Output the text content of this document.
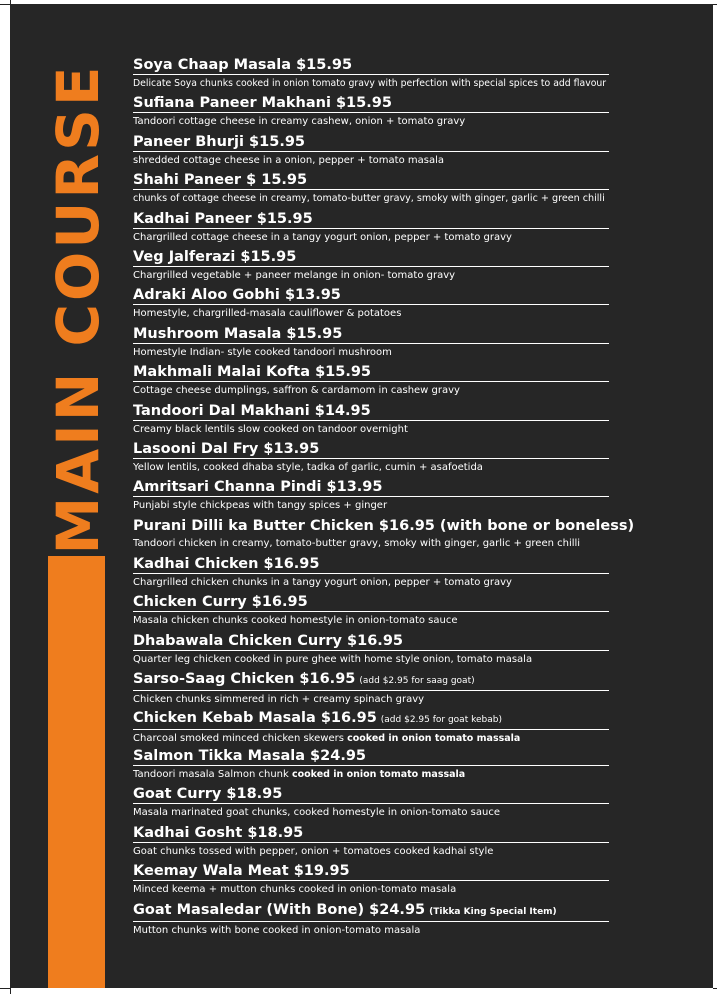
MAIN COURSE Soya Chaap Masala $15.95
Delicate Soya chunks cooked in onion tomato gravy with perfection with special spices to add flavour
Sufiana Paneer Makhani $15.95
Tandoori cottage cheese in creamy cashew, onion + tomato gravy
Paneer Bhurji $15.95
shredded cottage cheese in a onion, pepper + tomato masala
Shahi Paneer $ 15.95
chunks of cottage cheese in creamy, tomato-butter gravy, smoky with ginger, garlic + green chilli
Kadhai Paneer $15.95
Chargrilled cottage cheese in a tangy yogurt onion, pepper + tomato gravy
Veg Jalferazi $15.95
Chargrilled vegetable + paneer melange in onion- tomato gravy
Adraki Aloo Gobhi $13.95
Homestyle, chargrilled-masala cauliflower & potatoes
Mushroom Masala $15.95
Homestyle Indian- style cooked tandoori mushroom
Makhmali Malai Kofta $15.95
Cottage cheese dumplings, saffron & cardamom in cashew gravy
Tandoori Dal Makhani $14.95
Creamy black lentils slow cooked on tandoor overnight
Lasooni Dal Fry $13.95
Yellow lentils, cooked dhaba style, tadka of garlic, cumin + asafoetida
Amritsari Channa Pindi $13.95
Punjabi style chickpeas with tangy spices + ginger
Purani Dilli ka Butter Chicken $16.95 (with bone or boneless)
Tandoori chicken in creamy, tomato-butter gravy, smoky with ginger, garlic + green chilli
Kadhai Chicken $16.95
Chargrilled chicken chunks in a tangy yogurt onion, pepper + tomato gravy
Chicken Curry $16.95
Masala chicken chunks cooked homestyle in onion-tomato sauce
Dhabawala Chicken Curry $16.95
Quarter leg chicken cooked in pure ghee with home style onion, tomato masala
Sarso-Saag Chicken $16.95 (add $2.95 for saag goat)
Chicken chunks simmered in rich + creamy spinach gravy
Chicken Kebab Masala $16.95 (add $2.95 for goat kebab)
Charcoal smoked minced chicken skewers cooked in onion tomato massala
Salmon Tikka Masala $24.95
Tandoori masala Salmon chunk cooked in onion tomato massala
Goat Curry $18.95
Masala marinated goat chunks, cooked homestyle in onion-tomato sauce
Kadhai Gosht $18.95
Goat chunks tossed with pepper, onion + tomatoes cooked kadhai style
Keemay Wala Meat $19.95
Minced keema + mutton chunks cooked in onion-tomato masala
Goat Masaledar (With Bone) $24.95 (Tikka King Special Item)
Mutton chunks with bone cooked in onion-tomato masala
